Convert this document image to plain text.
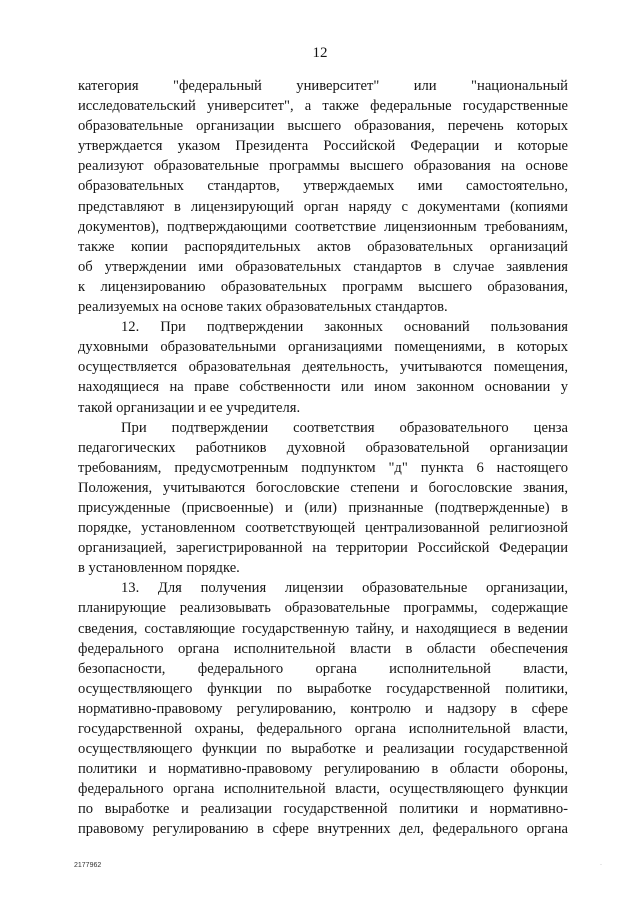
12
категория "федеральный университет" или "национальный
исследовательский университет", а также федеральные государственные
образовательные организации высшего образования, перечень которых
утверждается указом Президента Российской Федерации и которые
реализуют образовательные программы высшего образования на основе
образовательных стандартов, утверждаемых ими самостоятельно,
представляют в лицензирующий орган наряду с документами (копиями
документов), подтверждающими соответствие лицензионным требованиям,
также копии распорядительных актов образовательных организаций
об утверждении ими образовательных стандартов в случае заявления
к лицензированию образовательных программ высшего образования,
реализуемых на основе таких образовательных стандартов.
12. При подтверждении законных оснований пользования
духовными образовательными организациями помещениями, в которых
осуществляется образовательная деятельность, учитываются помещения,
находящиеся на праве собственности или ином законном основании у
такой организации и ее учредителя.
При подтверждении соответствия образовательного ценза
педагогических работников духовной образовательной организации
требованиям, предусмотренным подпунктом "д" пункта 6 настоящего
Положения, учитываются богословские степени и богословские звания,
присужденные (присвоенные) и (или) признанные (подтвержденные) в
порядке, установленном соответствующей централизованной религиозной
организацией, зарегистрированной на территории Российской Федерации
в установленном порядке.
13. Для получения лицензии образовательные организации,
планирующие реализовывать образовательные программы, содержащие
сведения, составляющие государственную тайну, и находящиеся в ведении
федерального органа исполнительной власти в области обеспечения
безопасности, федерального органа исполнительной власти,
осуществляющего функции по выработке государственной политики,
нормативно-правовому регулированию, контролю и надзору в сфере
государственной охраны, федерального органа исполнительной власти,
осуществляющего функции по выработке и реализации государственной
политики и нормативно-правовому регулированию в области обороны,
федерального органа исполнительной власти, осуществляющего функции
по выработке и реализации государственной политики и нормативно-
правовому регулированию в сфере внутренних дел, федерального органа
2177962	·
